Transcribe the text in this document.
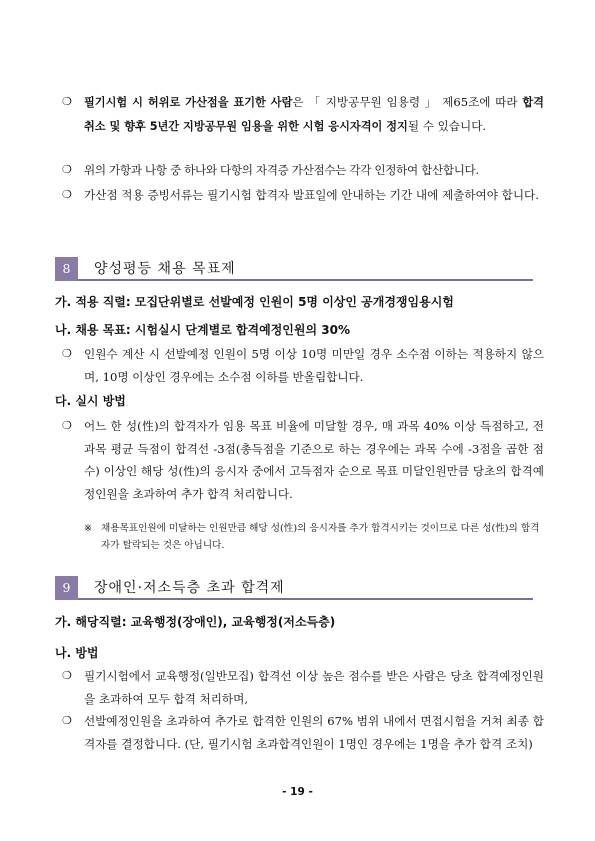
❍	필기시험 시 허위로 가산점을 표기한 사람은 「 지방공무원 임용령 」 제65조에 따라 합격 취소 및 향후 5년간 지방공무원 임용을 위한 시험 응시자격이 정지될 수 있습니다.
❍	위의 가항과 나항 중 하나와 다항의 자격증 가산점수는 각각 인정하여 합산합니다.
❍	가산점 적용 증빙서류는 필기시험 합격자 발표일에 안내하는 기간 내에 제출하여야 합니다.
8	양성평등 채용 목표제
가. 적용 직렬: 모집단위별로 선발예정 인원이 5명 이상인 공개경쟁임용시험
나. 채용 목표: 시험실시 단계별로 합격예정인원의 30%
❍	인원수 계산 시 선발예정 인원이 5명 이상 10명 미만일 경우 소수점 이하는 적용하지 않으며, 10명 이상인 경우에는 소수점 이하를 반올림합니다.
다. 실시 방법
❍	어느 한 성(性)의 합격자가 임용 목표 비율에 미달할 경우, 매 과목 40% 이상 득점하고, 전 과목 평균 득점이 합격선 -3점(총득점을 기준으로 하는 경우에는 과목 수에 -3점을 곱한 점수) 이상인 해당 성(性)의 응시자 중에서 고득점자 순으로 목표 미달인원만큼 당초의 합격예정인원을 초과하여 추가 합격 처리합니다.
※ 채용목표인원에 미달하는 인원만큼 해당 성(性)의 응시자를 추가 합격시키는 것이므로 다른 성(性)의 합격자가 탈락되는 것은 아닙니다.
9	장애인·저소득층 초과 합격제
가. 해당직렬: 교육행정(장애인), 교육행정(저소득층)
나. 방법
❍	필기시험에서 교육행정(일반모집) 합격선 이상 높은 점수를 받은 사람은 당초 합격예정인원을 초과하여 모두 합격 처리하며,
❍	선발예정인원을 초과하여 추가로 합격한 인원의 67% 범위 내에서 면접시험을 거쳐 최종 합격자를 결정합니다. (단, 필기시험 초과합격인원이 1명인 경우에는 1명을 추가 합격 조치)
- 19 -
